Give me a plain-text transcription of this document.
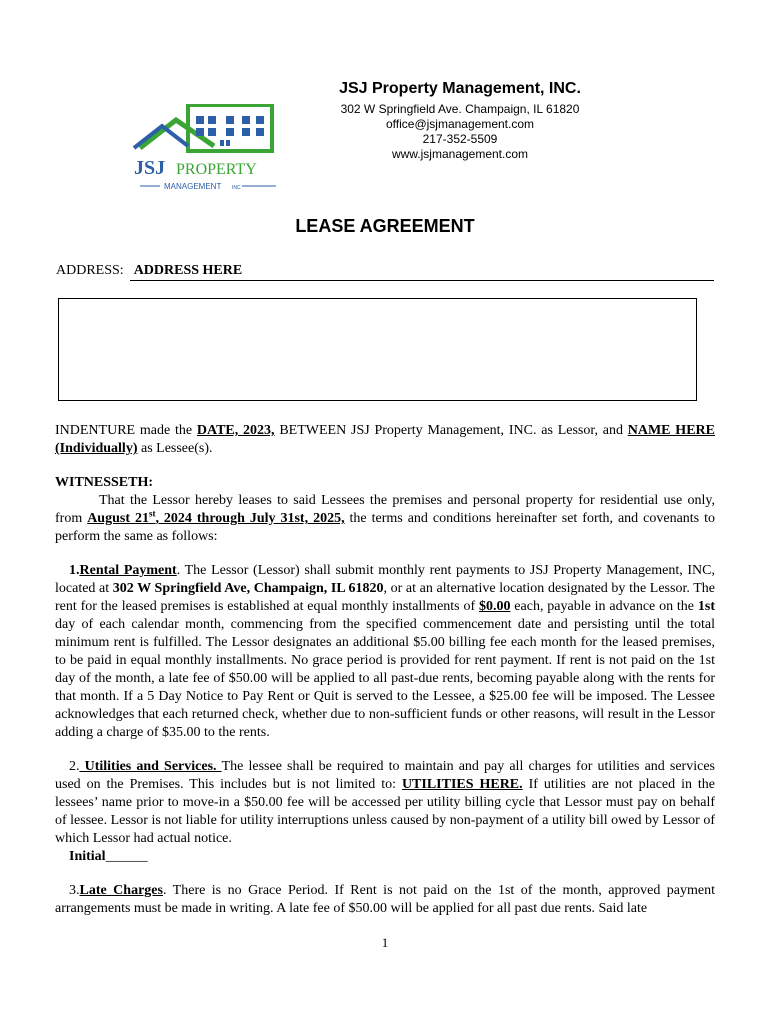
JSJ PROPERTY
MANAGEMENT INC
JSJ Property Management, INC.
302 W Springfield Ave. Champaign, IL 61820
office@jsjmanagement.com
217-352-5509
www.jsjmanagement.com
LEASE AGREEMENT
ADDRESS: ADDRESS HERE

INDENTURE made the DATE, 2023, BETWEEN JSJ Property Management, INC. as Lessor, and NAME HERE (Individually) as Lessee(s).

WITNESSETH:

That the Lessor hereby leases to said Lessees the premises and personal property for residential use only, from August 21st, 2024 through July 31st, 2025, the terms and conditions hereinafter set forth, and covenants to perform the same as follows:

1.Rental Payment. The Lessor (Lessor) shall submit monthly rent payments to JSJ Property Management, INC, located at 302 W Springfield Ave, Champaign, IL 61820, or at an alternative location designated by the Lessor. The rent for the leased premises is established at equal monthly installments of $0.00 each, payable in advance on the 1st day of each calendar month, commencing from the specified commencement date and persisting until the total minimum rent is fulfilled. The Lessor designates an additional $5.00 billing fee each month for the leased premises, to be paid in equal monthly installments. No grace period is provided for rent payment. If rent is not paid on the 1st day of the month, a late fee of $50.00 will be applied to all past-due rents, becoming payable along with the rents for that month. If a 5 Day Notice to Pay Rent or Quit is served to the Lessee, a $25.00 fee will be imposed. The Lessee acknowledges that each returned check, whether due to non-sufficient funds or other reasons, will result in the Lessor adding a charge of $35.00 to the rents.

2. Utilities and Services. The lessee shall be required to maintain and pay all charges for utilities and services used on the Premises. This includes but is not limited to: UTILITIES HERE. If utilities are not placed in the lessees’ name prior to move-in a $50.00 fee will be accessed per utility billing cycle that Lessor must pay on behalf of lessee. Lessor is not liable for utility interruptions unless caused by non-payment of a utility bill owed by Lessor of which Lessor had actual notice.

Initial______

3.Late Charges. There is no Grace Period. If Rent is not paid on the 1st of the month, approved payment arrangements must be made in writing. A late fee of $50.00 will be applied for all past due rents. Said late

1
